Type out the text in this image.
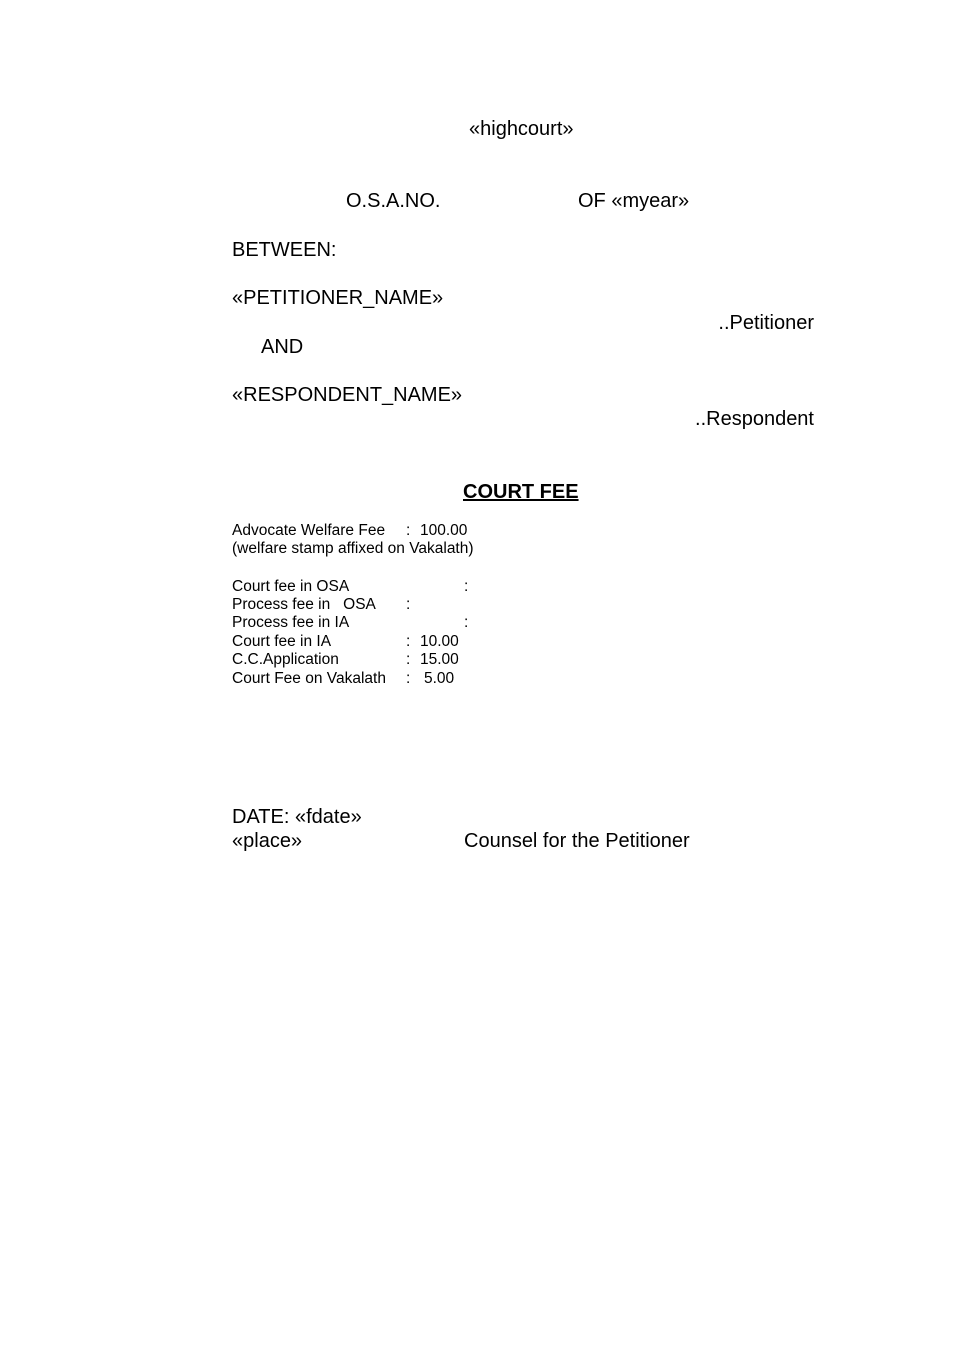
«highcourt»
O.S.A.NO.	OF «myear»
BETWEEN:
«PETITIONER_NAME»
..Petitioner
AND
«RESPONDENT_NAME»
..Respondent
COURT FEE
Advocate Welfare Fee : 100.00
(welfare stamp affixed on Vakalath)
Court fee in OSA	:
Process fee in   OSA :
Process fee in IA	:
Court fee in IA	: 10.00
C.C.Application	: 15.00
Court Fee on Vakalath : 5.00
DATE: «fdate»
«place»	Counsel for the Petitioner
